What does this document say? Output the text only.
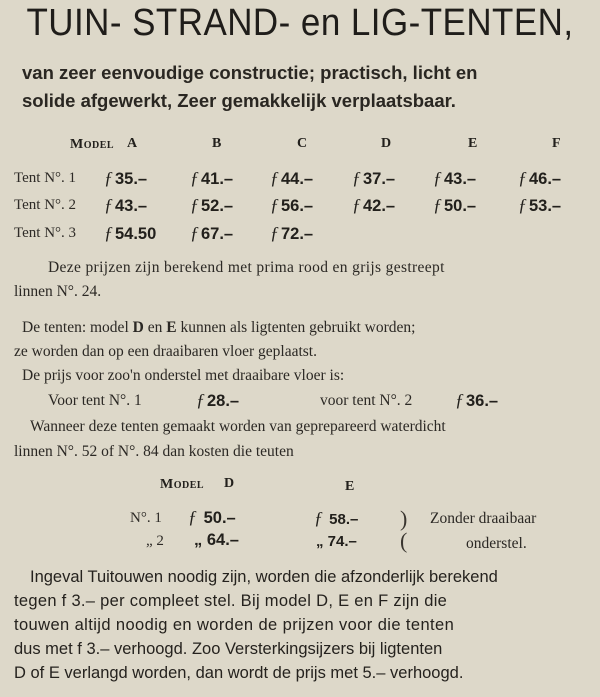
TUIN- STRAND- en LIG-TENTEN,
van zeer eenvoudige constructie; practisch, licht en
solide afgewerkt, Zeer gemakkelijk verplaatsbaar.
Model A	B	C	D	E	F
Tent N°. 1 ƒ 35.– ƒ 41.– ƒ 44.– ƒ 37.– ƒ 43.– ƒ 46.–
Tent N°. 2 ƒ 43.– ƒ 52.– ƒ 56.– ƒ 42.– ƒ 50.– ƒ 53.–
Tent N°. 3 ƒ 54.50 ƒ 67.– ƒ 72.–
Deze prijzen zijn berekend met prima rood en grijs gestreept
linnen N°. 24.
De tenten: model D en E kunnen als ligtenten gebruikt worden;
ze worden dan op een draaibaren vloer geplaatst.
De prijs voor zoo'n onderstel met draaibare vloer is:
Voor tent N°. 1	ƒ 28.–	voor tent N°. 2 ƒ 36.–
Wanneer deze tenten gemaakt worden van geprepareerd waterdicht
linnen N°. 52 of N°. 84 dan kosten die teuten
Model D	E
N°. 1 ƒ 50.–	ƒ 58.–
„ 2 „ 64.–	„ 74.–
)
(
Zonder draaibaar
onderstel.
Ingeval Tuitouwen noodig zijn, worden die afzonderlijk berekend
tegen f 3.– per compleet stel. Bij model D, E en F zijn die
touwen altijd noodig en worden de prijzen voor die tenten
dus met f 3.– verhoogd. Zoo Versterkingsijzers bij ligtenten
D of E verlangd worden, dan wordt de prijs met 5.– verhoogd.
